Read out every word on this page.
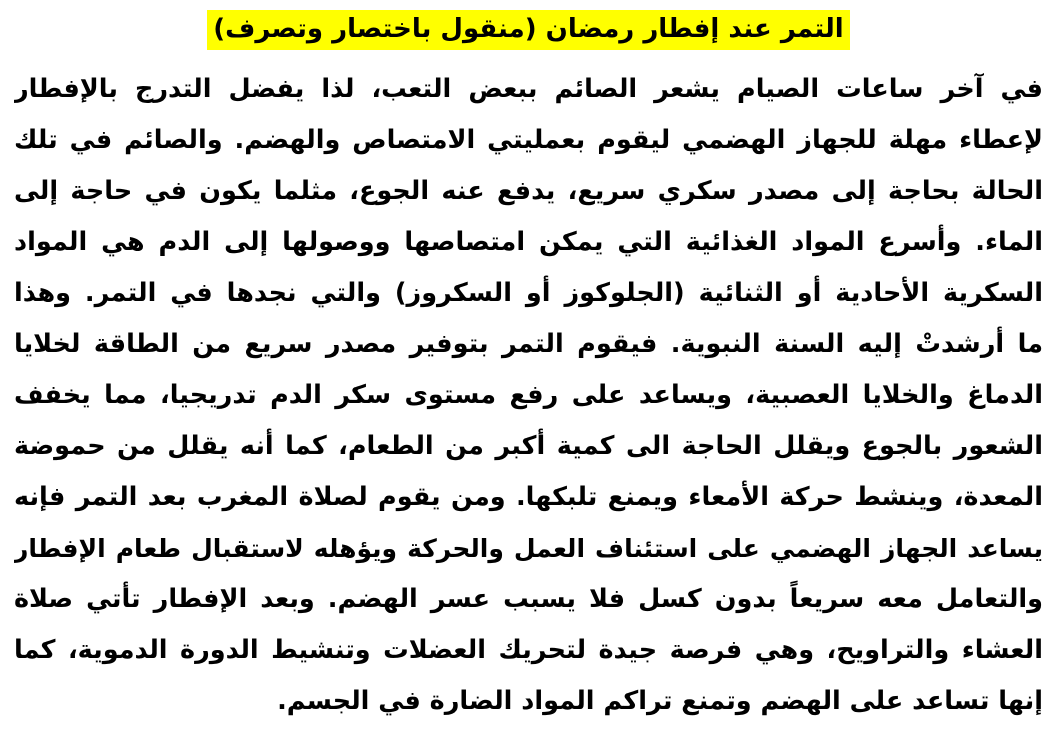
التمر عند إفطار رمضان (منقول باختصار وتصرف)
في آخر ساعات الصيام يشعر الصائم ببعض التعب، لذا يفضل التدرج بالإفطار
لإعطاء مهلة للجهاز الهضمي ليقوم بعمليتي الامتصاص والهضم. والصائم في تلك
الحالة بحاجة إلى مصدر سكري سريع، يدفع عنه الجوع، مثلما يكون في حاجة إلى
الماء. وأسرع المواد الغذائية التي يمكن امتصاصها ووصولها إلى الدم هي المواد
السكرية الأحادية أو الثنائية (الجلوكوز أو السكروز) والتي نجدها في التمر. وهذا
ما أرشدتْ إليه السنة النبوية. فيقوم التمر بتوفير مصدر سريع من الطاقة لخلايا
الدماغ والخلايا العصبية، ويساعد على رفع مستوى سكر الدم تدريجيا، مما يخفف
الشعور بالجوع ويقلل الحاجة الى كمية أكبر من الطعام، كما أنه يقلل من حموضة
المعدة، وينشط حركة الأمعاء ويمنع تلبكها. ومن يقوم لصلاة المغرب بعد التمر فإنه
يساعد الجهاز الهضمي على استئناف العمل والحركة ويؤهله لاستقبال طعام الإفطار
والتعامل معه سريعاً بدون كسل فلا يسبب عسر الهضم. وبعد الإفطار تأتي صلاة
العشاء والتراويح، وهي فرصة جيدة لتحريك العضلات وتنشيط الدورة الدموية، كما
إنها تساعد على الهضم وتمنع تراكم المواد الضارة في الجسم.
